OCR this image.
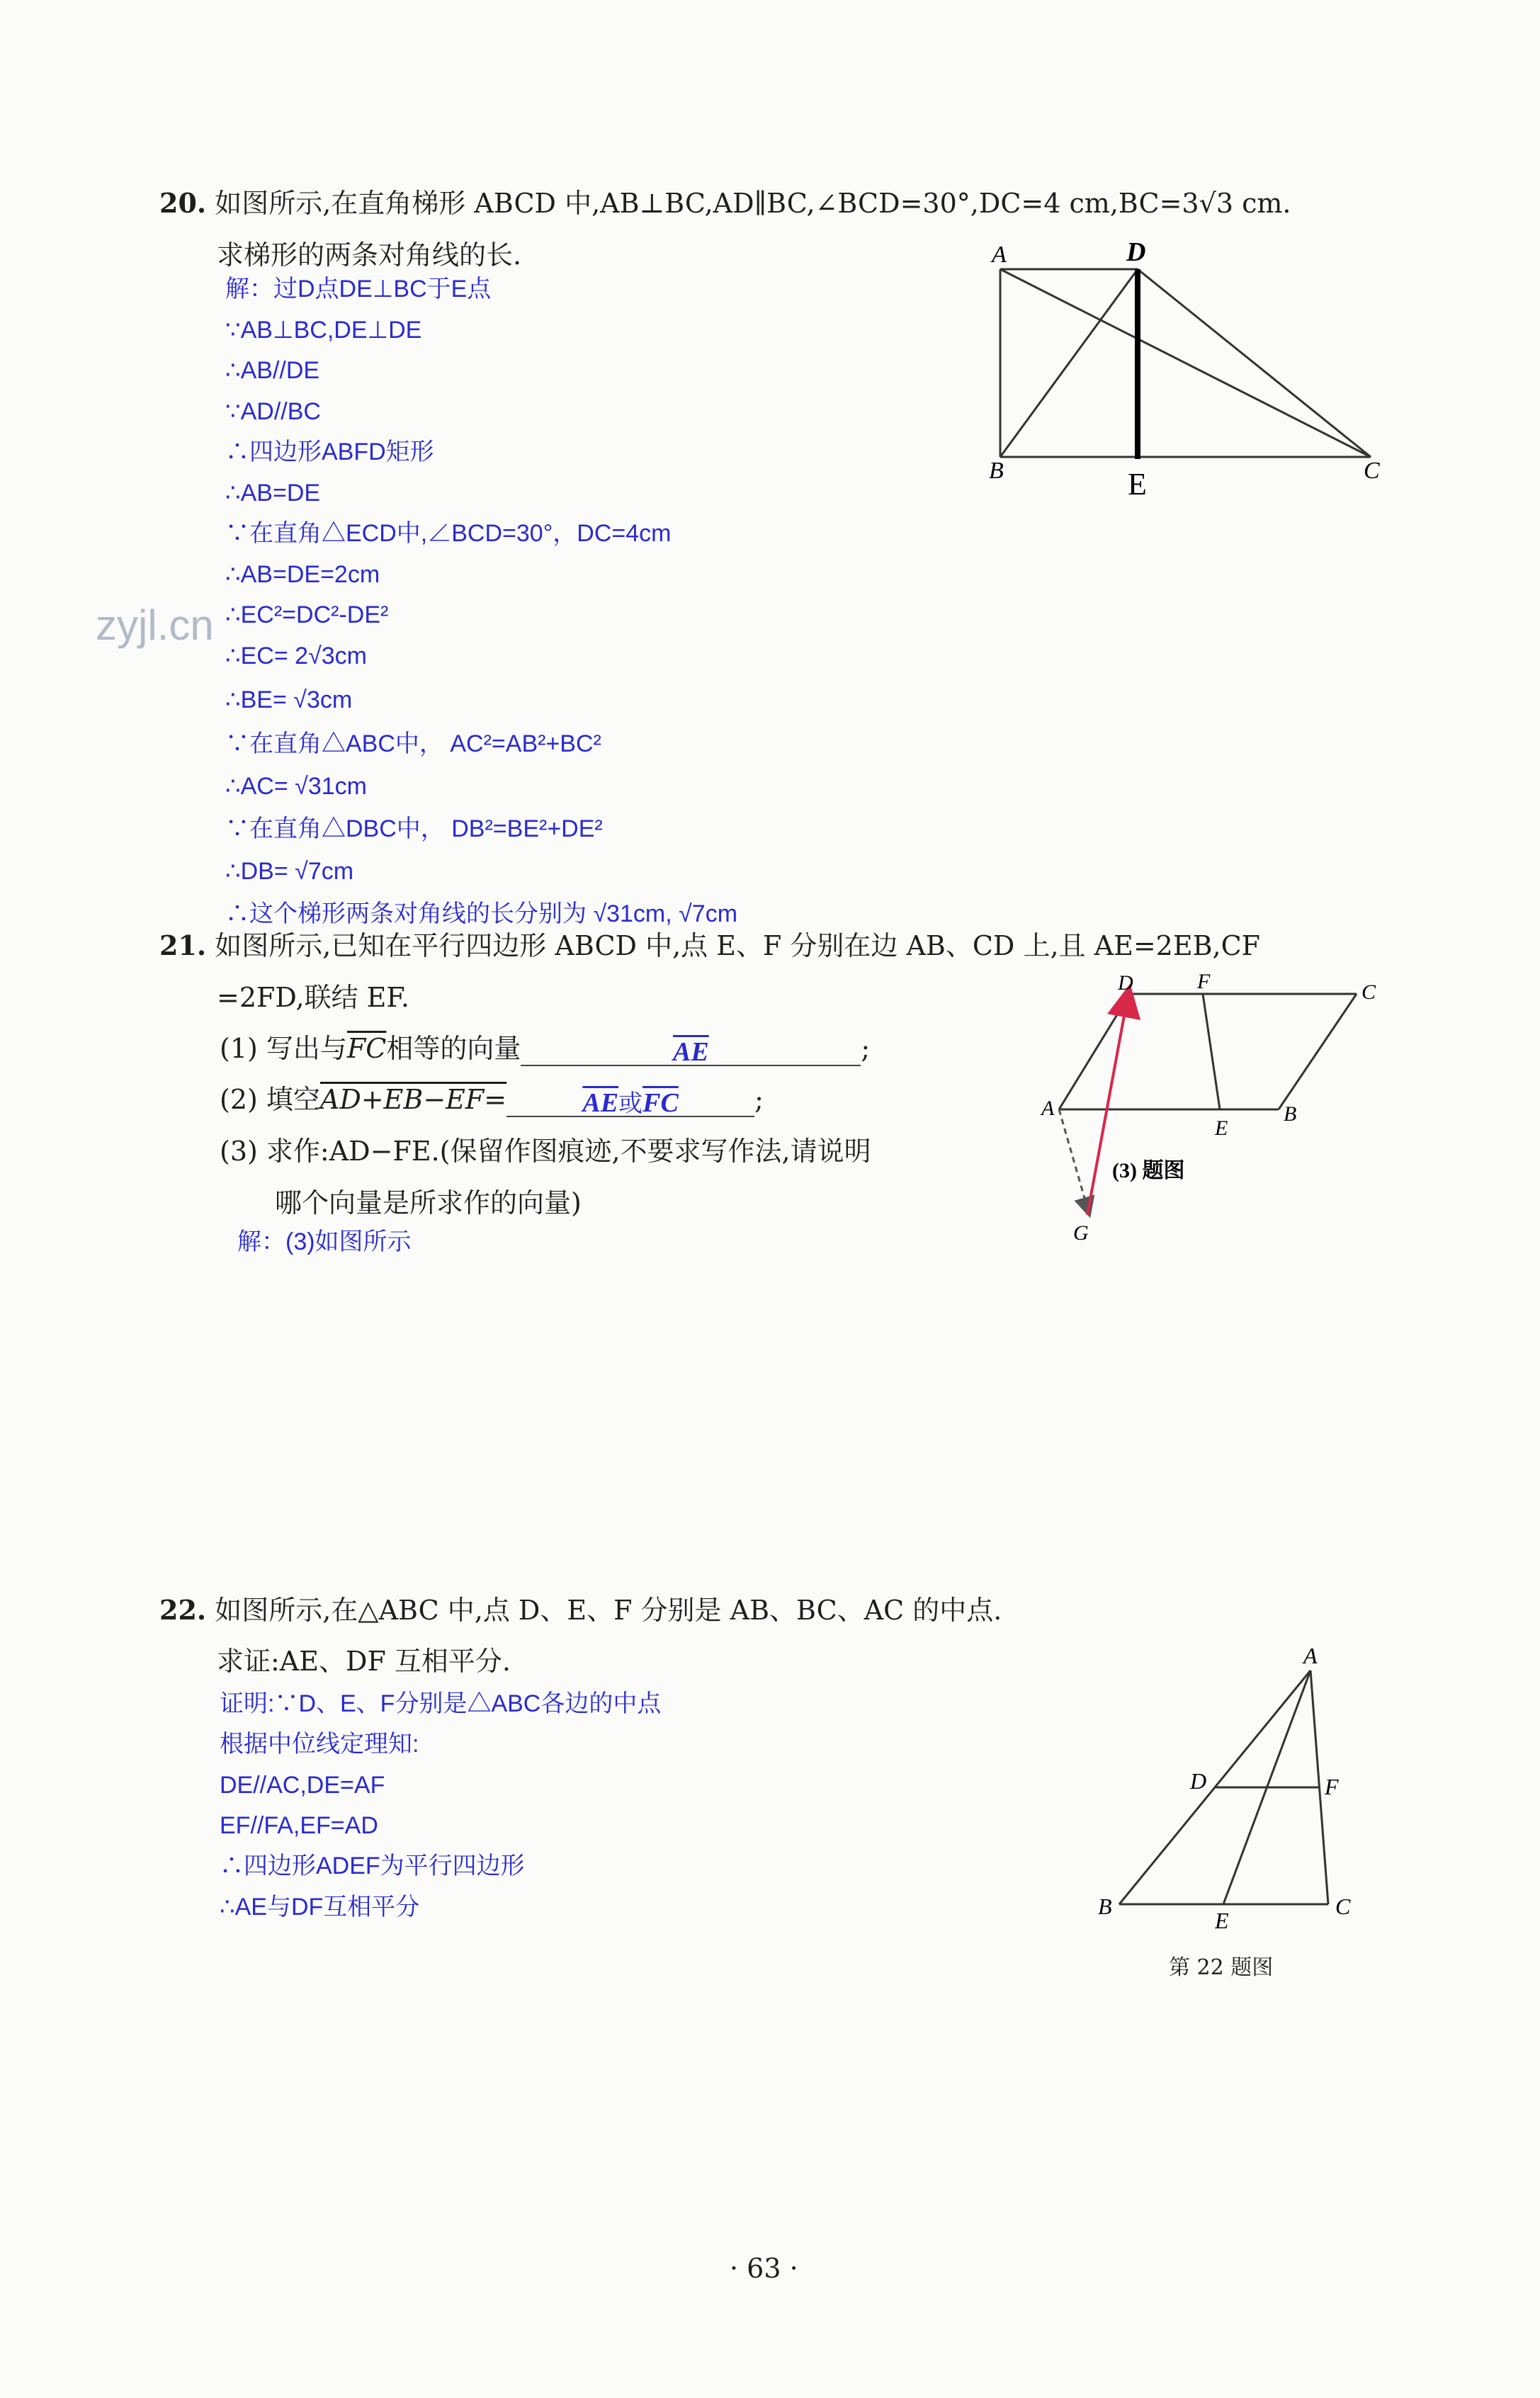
zyjl.cn
20. 如图所示,在直角梯形 ABCD 中,AB⊥BC,AD∥BC,∠BCD=30°,DC=4 cm,BC=3√3 cm.
求梯形的两条对角线的长.
解：过D点DE⊥BC于E点
∵AB⊥BC,DE⊥DE
∴AB//DE
∵AD//BC
∴四边形ABFD矩形
∴AB=DE
∵在直角△ECD中,∠BCD=30°，DC=4cm
∴AB=DE=2cm
∴EC²=DC²-DE²
∴EC= 2√3cm
∴BE= √3cm
∵在直角△ABC中， AC²=AB²+BC²
∴AC= √31cm
∵在直角△DBC中， DB²=BE²+DE²
∴DB= √7cm
∴这个梯形两条对角线的长分别为 √31cm, √7cm
A	D
B	C
E
21. 如图所示,已知在平行四边形 ABCD 中,点 E、F 分别在边 AB、CD 上,且 AE=2EB,CF
=2FD,联结 EF.
(1) 写出与$\overline{FC}$相等的向量	$\overline{AE}$	;
(2) 填空AD+EB−EF=	$\overline{AE}$或$\overline{FC}$	;
(3) 求作:AD−FE.(保留作图痕迹,不要求写作法,请说明
哪个向量是所求作的向量)
解：(3)如图所示
D	F	C
A	B
E
G
(3) 题图
22. 如图所示,在△ABC 中,点 D、E、F 分别是 AB、BC、AC 的中点.
求证:AE、DF 互相平分.
证明:∵D、E、F分别是△ABC各边的中点
根据中位线定理知:
DE//AC,DE=AF
EF//FA,EF=AD
∴四边形ADEF为平行四边形
∴AE与DF互相平分
A
D	F
B
E
C
第 22 题图
· 63 ·
